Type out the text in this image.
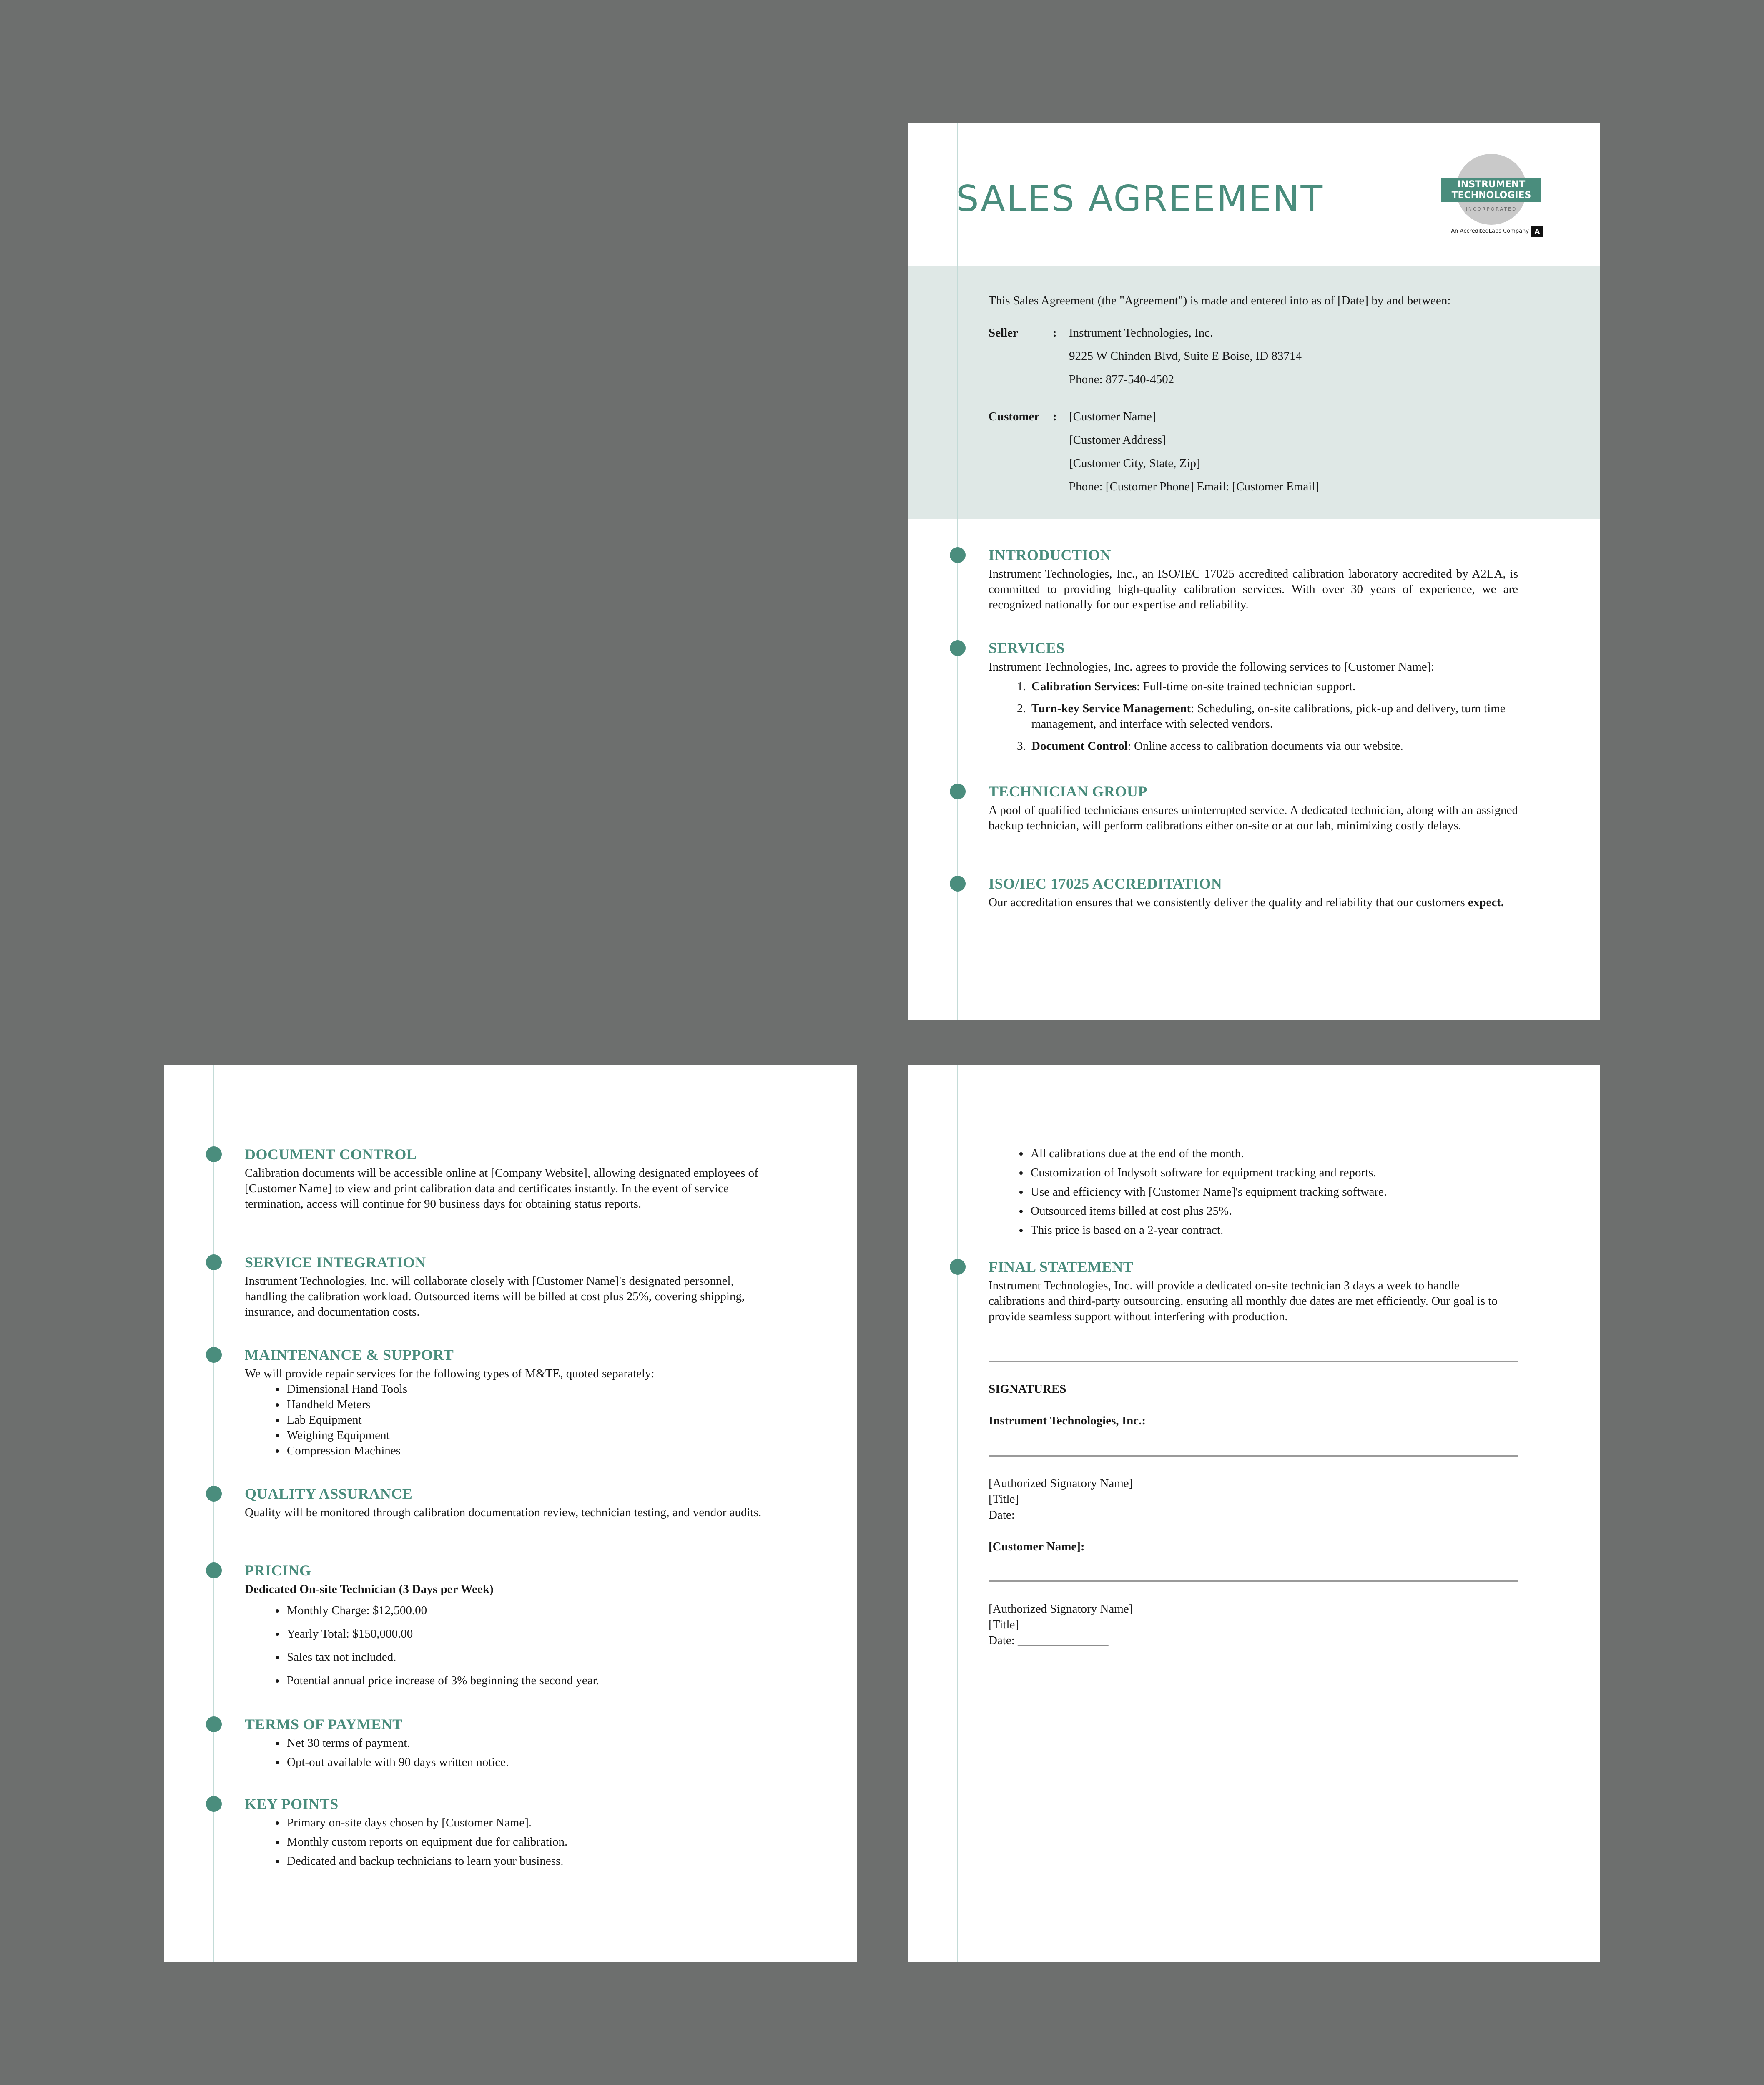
SALES AGREEMENT	INSTRUMENT
TECHNOLOGIES
INCORPORATED
An AccreditedLabs Company A
This Sales Agreement (the "Agreement") is made and entered into as of [Date] by and between:
Seller	: Instrument Technologies, Inc.
9225 W Chinden Blvd, Suite E Boise, ID 83714
Phone: 877-540-4502
Customer	: [Customer Name]
[Customer Address]
[Customer City, State, Zip]
Phone: [Customer Phone] Email: [Customer Email]
INTRODUCTION

Instrument Technologies, Inc., an ISO/IEC 17025 accredited calibration laboratory accredited by A2LA, is committed to providing high-quality calibration services. With over 30 years of experience, we are recognized nationally for our expertise and reliability.

SERVICES

Instrument Technologies, Inc. agrees to provide the following services to [Customer Name]:

1. Calibration Services: Full-time on-site trained technician support.
2. Turn-key Service Management: Scheduling, on-site calibrations, pick-up and delivery, turn time management, and interface with selected vendors.
3. Document Control: Online access to calibration documents via our website.
TECHNICIAN GROUP

A pool of qualified technicians ensures uninterrupted service. A dedicated technician, along with an assigned backup technician, will perform calibrations either on-site or at our lab, minimizing costly delays.

ISO/IEC 17025 ACCREDITATION

Our accreditation ensures that we consistently deliver the quality and reliability that our customers expect.

DOCUMENT CONTROL

Calibration documents will be accessible online at [Company Website], allowing designated employees of [Customer Name] to view and print calibration data and certificates instantly. In the event of service termination, access will continue for 90 business days for obtaining status reports.

SERVICE INTEGRATION

Instrument Technologies, Inc. will collaborate closely with [Customer Name]'s designated personnel, handling the calibration workload. Outsourced items will be billed at cost plus 25%, covering shipping, insurance, and documentation costs.

MAINTENANCE & SUPPORT

We will provide repair services for the following types of M&TE, quoted separately:

• Dimensional Hand Tools
• Handheld Meters
• Lab Equipment
• Weighing Equipment
• Compression Machines
QUALITY ASSURANCE

Quality will be monitored through calibration documentation review, technician testing, and vendor audits.

PRICING
Dedicated On-site Technician (3 Days per Week)
• Monthly Charge: $12,500.00
• Yearly Total: $150,000.00
• Sales tax not included.
• Potential annual price increase of 3% beginning the second year.
TERMS OF PAYMENT
• Net 30 terms of payment.
• Opt-out available with 90 days written notice.
KEY POINTS
• Primary on-site days chosen by [Customer Name].
• Monthly custom reports on equipment due for calibration.
• Dedicated and backup technicians to learn your business.
• All calibrations due at the end of the month.
• Customization of Indysoft software for equipment tracking and reports.
• Use and efficiency with [Customer Name]'s equipment tracking software.
• Outsourced items billed at cost plus 25%.
• This price is based on a 2-year contract.
FINAL STATEMENT

Instrument Technologies, Inc. will provide a dedicated on-site technician 3 days a week to handle calibrations and third-party outsourcing, ensuring all monthly due dates are met efficiently. Our goal is to provide seamless support without interfering with production.

SIGNATURES
Instrument Technologies, Inc.:
[Authorized Signatory Name]
[Title]
Date: _______________
[Customer Name]:
[Authorized Signatory Name]
[Title]
Date: _______________
